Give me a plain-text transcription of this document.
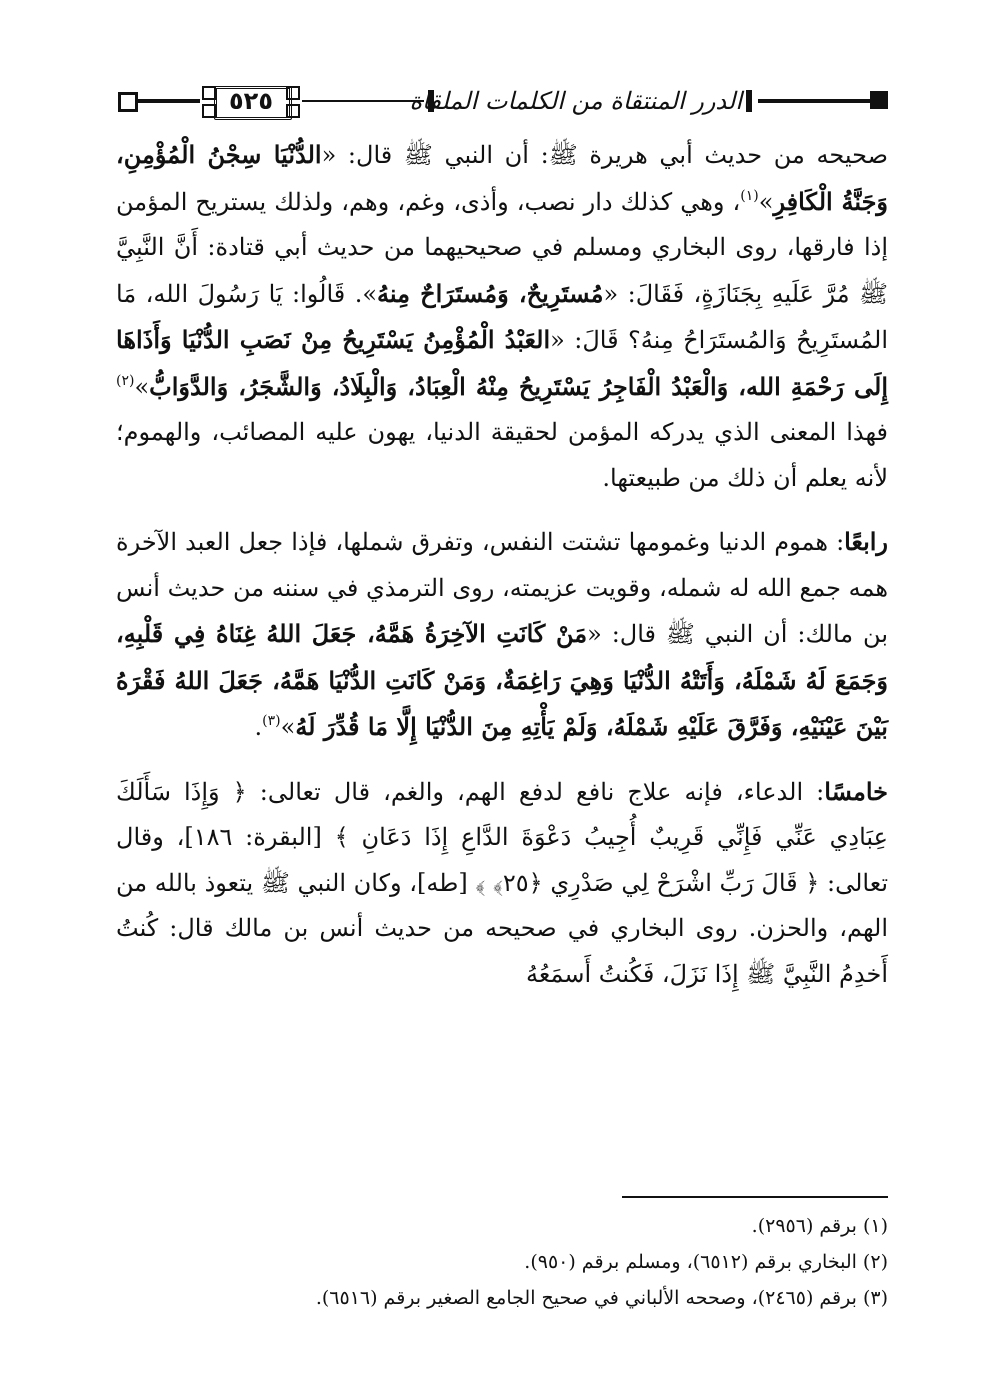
٥٢٥	الدرر المنتقاة من الكلمات الملقاة

صحيحه من حديث أبي هريرة ﷺ: أن النبي ﷺ قال: «الدُّنْيَا سِجْنُ الْمُؤْمِنِ، وَجَنَّةُ الْكَافِرِ»$^{(١)}$، وهي كذلك دار نصب، وأذى، وغم، وهم، ولذلك يستريح المؤمن إذا فارقها، روى البخاري ومسلم في صحيحيهما من حديث أبي قتادة: أَنَّ النَّبِيَّ ﷺ مُرَّ عَلَيهِ بِجَنَازَةٍ، فَقَالَ: «مُستَرِيحٌ، وَمُستَرَاحٌ مِنهُ». قَالُوا: يَا رَسُولَ الله، مَا المُستَرِيحُ وَالمُستَرَاحُ مِنهُ؟ قَالَ: «العَبْدُ الْمُؤْمِنُ يَسْتَرِيحُ مِنْ نَصَبِ الدُّنْيَا وَأَذَاهَا إِلَى رَحْمَةِ الله، وَالْعَبْدُ الْفَاجِرُ يَسْتَرِيحُ مِنْهُ الْعِبَادُ، وَالْبِلَادُ، وَالشَّجَرُ، وَالدَّوَابُّ»$^{(٢)}$ فهذا المعنى الذي يدركه المؤمن لحقيقة الدنيا، يهون عليه المصائب، والهموم؛ لأنه يعلم أن ذلك من طبيعتها.

رابعًا: هموم الدنيا وغمومها تشتت النفس، وتفرق شملها، فإذا جعل العبد الآخرة همه جمع الله له شمله، وقويت عزيمته، روى الترمذي في سننه من حديث أنس بن مالك: أن النبي ﷺ قال: «مَنْ كَانَتِ الآخِرَةُ هَمَّهُ، جَعَلَ اللهُ غِنَاهُ فِي قَلْبِهِ، وَجَمَعَ لَهُ شَمْلَهُ، وَأَتَتْهُ الدُّنْيَا وَهِيَ رَاغِمَةٌ، وَمَنْ كَانَتِ الدُّنْيَا هَمَّهُ، جَعَلَ اللهُ فَقْرَهُ بَيْنَ عَيْنَيْهِ، وَفَرَّقَ عَلَيْهِ شَمْلَهُ، وَلَمْ يَأْتِهِ مِنَ الدُّنْيَا إِلَّا مَا قُدِّرَ لَهُ»$^{(٣)}$.

خامسًا: الدعاء، فإنه علاج نافع لدفع الهم، والغم، قال تعالى: ﴿ وَإِذَا سَأَلَكَ عِبَادِي عَنِّي فَإِنِّي قَرِيبٌ أُجِيبُ دَعْوَةَ الدَّاعِ إِذَا دَعَانِ ﴾ [البقرة: ١٨٦]، وقال تعالى: ﴿ قَالَ رَبِّ اشْرَحْ لِي صَدْرِي ﴿٢٥﴾ ﴾ [طه]، وكان النبي ﷺ يتعوذ بالله من الهم، والحزن. روى البخاري في صحيحه من حديث أنس بن مالك قال: كُنتُ أَخدِمُ النَّبِيَّ ﷺ إِذَا نَزَلَ، فَكُنتُ أَسمَعُهُ

(١) برقم (٢٩٥٦).
(٢) البخاري برقم (٦٥١٢)، ومسلم برقم (٩٥٠).
(٣) برقم (٢٤٦٥)، وصححه الألباني في صحيح الجامع الصغير برقم (٦٥١٦).
